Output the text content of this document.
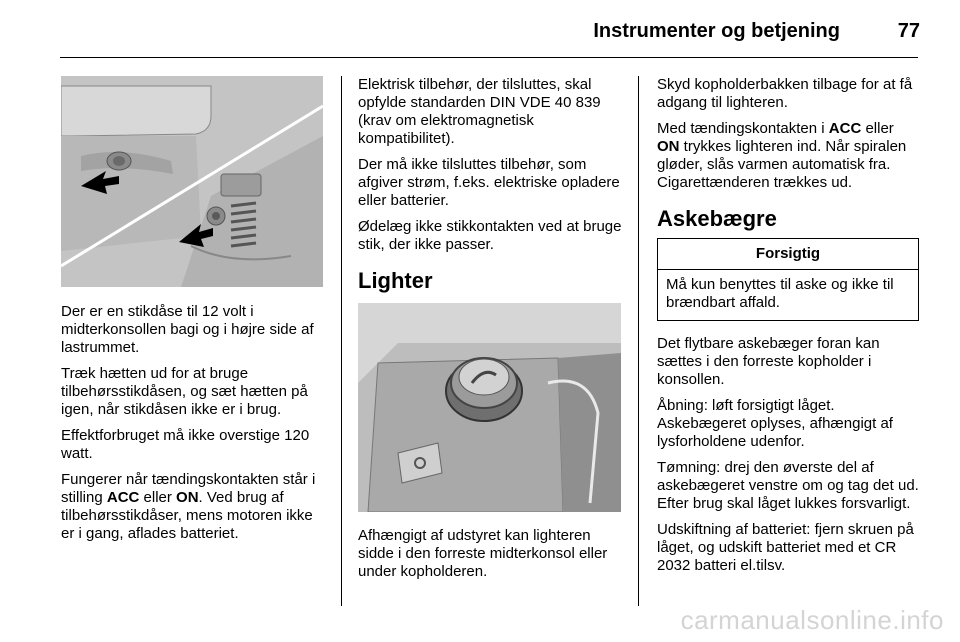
Instrumenter og betjening	77

Der er en stikdåse til 12 volt i midterkonsollen bagi og i højre side af lastrummet.

Træk hætten ud for at bruge tilbehørsstikdåsen, og sæt hætten på igen, når stikdåsen ikke er i brug.

Effektforbruget må ikke overstige 120 watt.

Fungerer når tændingskontakten står i stilling ACC eller ON. Ved brug af tilbehørsstikdåser, mens motoren ikke er i gang, aflades batteriet.

Elektrisk tilbehør, der tilsluttes, skal opfylde standarden DIN VDE 40 839 (krav om elektromagnetisk kompatibilitet).

Der må ikke tilsluttes tilbehør, som afgiver strøm, f.eks. elektriske opladere eller batterier.

Ødelæg ikke stikkontakten ved at bruge stik, der ikke passer.

Lighter

Afhængigt af udstyret kan lighteren sidde i den forreste midterkonsol eller under kopholderen.

Skyd kopholderbakken tilbage for at få adgang til lighteren.

Med tændingskontakten i ACC eller ON trykkes lighteren ind. Når spiralen gløder, slås varmen automatisk fra. Cigarettænderen trækkes ud.

Askebægre
Forsigtig
Må kun benyttes til aske og ikke til brændbart affald.

Det flytbare askebæger foran kan sættes i den forreste kopholder i konsollen.

Åbning: løft forsigtigt låget. Askebægeret oplyses, afhængigt af lysforholdene udenfor.

Tømning: drej den øverste del af askebægeret venstre om og tag det ud. Efter brug skal låget lukkes forsvarligt.

Udskiftning af batteriet: fjern skruen på låget, og udskift batteriet med et CR 2032 batteri el.tilsv.

carmanualsonline.info
